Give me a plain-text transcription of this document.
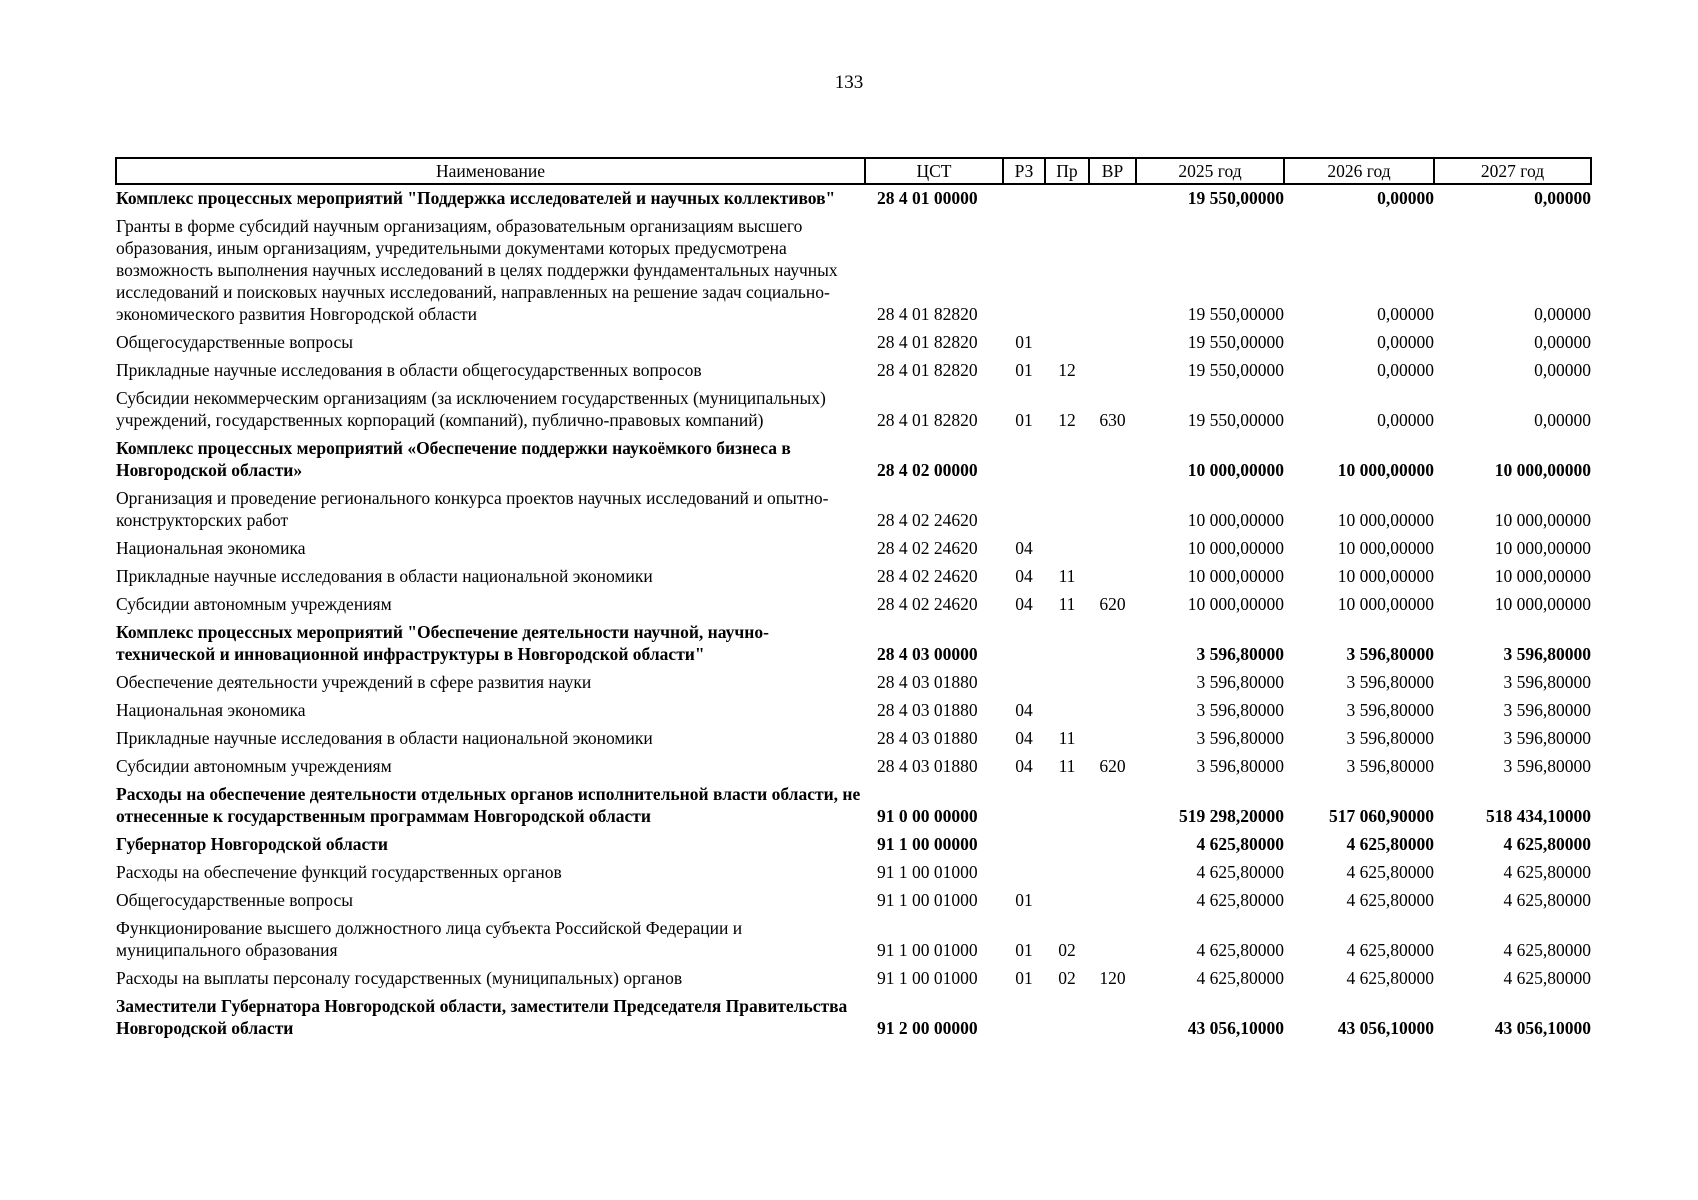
133
Наименование	ЦСТ	РЗ	Пр	ВР	2025 год	2026 год	2027 год
Комплекс процессных мероприятий "Поддержка исследователей и научных коллективов"	28 4 01 00000				19 550,00000	0,00000	0,00000
Гранты в форме субсидий научным организациям, образовательным организациям высшего образования, иным организациям, учредительными документами которых предусмотрена возможность выполнения научных исследований в целях поддержки фундаментальных научных исследований и поисковых научных исследований, направленных на решение задач социально-экономического развития Новгородской области	28 4 01 82820				19 550,00000	0,00000	0,00000
Общегосударственные вопросы	28 4 01 82820	01			19 550,00000	0,00000	0,00000
Прикладные научные исследования в области общегосударственных вопросов	28 4 01 82820	01	12		19 550,00000	0,00000	0,00000
Субсидии некоммерческим организациям (за исключением государственных (муниципальных) учреждений, государственных корпораций (компаний), публично-правовых компаний)	28 4 01 82820	01	12	630	19 550,00000	0,00000	0,00000
Комплекс процессных мероприятий «Обеспечение поддержки наукоёмкого бизнеса в Новгородской области»	28 4 02 00000				10 000,00000	10 000,00000	10 000,00000
Организация и проведение регионального конкурса проектов научных исследований и опытно-конструкторских работ	28 4 02 24620				10 000,00000	10 000,00000	10 000,00000
Национальная экономика	28 4 02 24620	04			10 000,00000	10 000,00000	10 000,00000
Прикладные научные исследования в области национальной экономики	28 4 02 24620	04	11		10 000,00000	10 000,00000	10 000,00000
Субсидии автономным учреждениям	28 4 02 24620	04	11	620	10 000,00000	10 000,00000	10 000,00000
Комплекс процессных мероприятий "Обеспечение деятельности научной, научно-технической и инновационной инфраструктуры в Новгородской области"	28 4 03 00000				3 596,80000	3 596,80000	3 596,80000
Обеспечение деятельности учреждений в сфере развития науки	28 4 03 01880				3 596,80000	3 596,80000	3 596,80000
Национальная экономика	28 4 03 01880	04			3 596,80000	3 596,80000	3 596,80000
Прикладные научные исследования в области национальной экономики	28 4 03 01880	04	11		3 596,80000	3 596,80000	3 596,80000
Субсидии автономным учреждениям	28 4 03 01880	04	11	620	3 596,80000	3 596,80000	3 596,80000
Расходы на обеспечение деятельности отдельных органов исполнительной власти области, не отнесенные к государственным программам Новгородской области	91 0 00 00000				519 298,20000	517 060,90000	518 434,10000
Губернатор Новгородской области	91 1 00 00000				4 625,80000	4 625,80000	4 625,80000
Расходы на обеспечение функций государственных органов	91 1 00 01000				4 625,80000	4 625,80000	4 625,80000
Общегосударственные вопросы	91 1 00 01000	01			4 625,80000	4 625,80000	4 625,80000
Функционирование высшего должностного лица субъекта Российской Федерации и муниципального образования	91 1 00 01000	01	02		4 625,80000	4 625,80000	4 625,80000
Расходы на выплаты персоналу государственных (муниципальных) органов	91 1 00 01000	01	02	120	4 625,80000	4 625,80000	4 625,80000
Заместители Губернатора Новгородской области, заместители Председателя Правительства Новгородской области	91 2 00 00000				43 056,10000	43 056,10000	43 056,10000
